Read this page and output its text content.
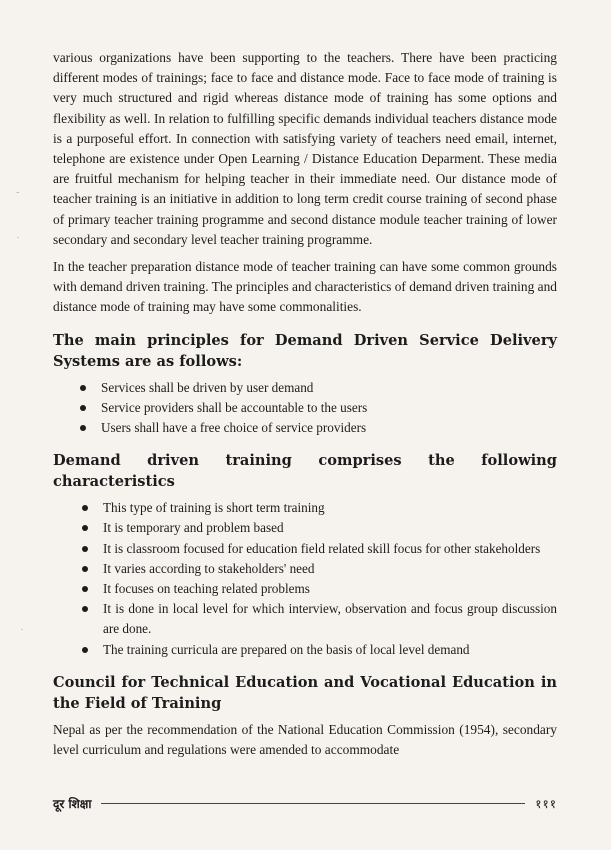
various organizations have been supporting to the teachers. There have been practicing different modes of trainings; face to face and distance mode. Face to face mode of training is very much structured and rigid whereas distance mode of training has some options and flexibility as well. In relation to fulfilling specific demands individual teachers distance mode is a purposeful effort. In connection with satisfying variety of teachers need email, internet, telephone are existence under Open Learning / Distance Education Deparment. These media are fruitful mechanism for helping teacher in their immediate need. Our distance mode of teacher training is an initiative in addition to long term credit course training of second phase of primary teacher training programme and second distance module teacher training of lower secondary and secondary level teacher training programme.

In the teacher preparation distance mode of teacher training can have some common grounds with demand driven training. The principles and characteristics of demand driven training and distance mode of training may have some commonalities.

The main principles for Demand Driven Service Delivery Systems are as follows:
Services shall be driven by user demand
Service providers shall be accountable to the users
Users shall have a free choice of service providers
Demand driven training comprises the following characteristics
This type of training is short term training
It is temporary and problem based
It is classroom focused for education field related skill focus for other stakeholders
It varies according to stakeholders' need
It focuses on teaching related problems
It is done in local level for which interview, observation and focus group discussion are done.
The training curricula are prepared on the basis of local level demand
Council for Technical Education and Vocational Education in the Field of Training

Nepal as per the recommendation of the National Education Commission (1954), secondary level curriculum and regulations were amended to accommodate

-
·
·
दूर शिक्षा	१११
